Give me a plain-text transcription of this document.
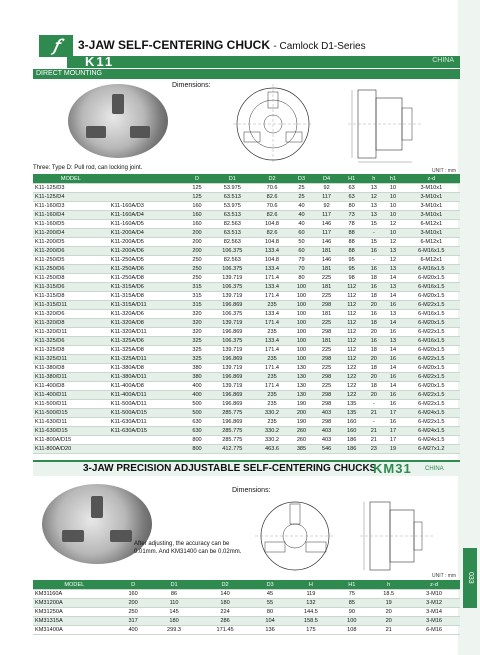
033
𝑓	3-JAW SELF-CENTERING CHUCK - Camlock D1-Series
K11	CHINA
DIRECT MOUNTING
Dimensions:
Three: Type D: Pull rod, can locking joint.	UNIT : mm
MODEL		D	D1	D2	D3	D4	H1	h	h1	z-d
K11-125/D3		125	53.975	70.6	25	92	63	13	10	3-M10x1
K11-125/D4		125	63.513	82.6	25	117	63	12	10	3-M10x1
K11-160/D3	K11-160A/D3	160	53.975	70.6	40	92	80	13	10	3-M10x1
K11-160/D4	K11-160A/D4	160	63.513	82.6	40	117	73	13	10	3-M10x1
K11-160/D5	K11-160A/D5	160	82.563	104.8	40	146	78	15	12	6-M12x1
K11-200/D4	K11-200A/D4	200	63.513	82.6	60	117	88	-	10	3-M10x1
K11-200/D5	K11-200A/D5	200	82.563	104.8	50	146	88	15	12	6-M12x1
K11-200/D6	K11-200A/D6	200	106.375	133.4	60	181	88	16	13	6-M16x1.5
K11-250/D5	K11-250A/D5	250	82.563	104.8	79	146	95	-	12	6-M12x1
K11-250/D6	K11-250A/D6	250	106.375	133.4	70	181	95	16	13	6-M16x1.5
K11-250/D8	K11-250A/D8	250	139.719	171.4	80	225	98	18	14	6-M20x1.5
K11-315/D6	K11-315A/D6	315	106.375	133.4	100	181	112	16	13	6-M16x1.5
K11-315/D8	K11-315A/D8	315	139.719	171.4	100	225	112	18	14	6-M20x1.5
K11-315/D11	K11-315A/D11	315	196.869	235	100	298	112	20	16	6-M22x1.5
K11-320/D6	K11-320A/D6	320	106.375	133.4	100	181	112	16	13	6-M16x1.5
K11-320/D8	K11-320A/D8	320	139.719	171.4	100	225	112	18	14	6-M20x1.5
K11-320/D11	K11-320A/D11	320	196.869	235	100	298	112	20	16	6-M22x1.5
K11-325/D6	K11-325A/D6	325	106.375	133.4	100	181	112	16	13	6-M16x1.5
K11-325/D8	K11-325A/D8	325	139.719	171.4	100	225	112	18	14	6-M20x1.5
K11-325/D11	K11-325A/D11	325	196.869	235	100	298	112	20	16	6-M22x1.5
K11-380/D8	K11-380A/D8	380	139.719	171.4	130	225	122	18	14	6-M20x1.5
K11-380/D11	K11-380A/D11	380	196.869	235	130	298	122	20	16	6-M22x1.5
K11-400/D8	K11-400A/D8	400	139.719	171.4	130	225	122	18	14	6-M20x1.5
K11-400/D11	K11-400A/D11	400	196.869	235	130	298	122	20	16	6-M22x1.5
K11-500/D11	K11-500A/D11	500	196.869	235	190	298	135	-	16	6-M22x1.5
K11-500/D15	K11-500A/D15	500	285.775	330.2	200	403	135	21	17	6-M24x1.5
K11-630/D11	K11-630A/D11	630	196.869	235	190	298	160	-	16	6-M22x1.5
K11-630/D15	K11-630A/D15	630	285.775	330.2	260	403	160	21	17	6-M24x1.5
K11-800A/D15		800	285.775	330.2	260	403	186	21	17	6-M24x1.5
K11-800A/D20		800	412.775	463.6	385	546	186	23	19	6-M27x1.2
3-JAW PRECISION ADJUSTABLE SELF-CENTERING CHUCKS
KM31 CHINA
Dimensions:
After adjusting, the accuracy can be 0.01mm. And KM31400 can be 0.02mm.
UNIT : mm
MODEL	D	D1	D2	D3	H	H1	h	z-d
KM31160A	160	86	140	45	119	75	18.5	3-M10
KM31200A	200	110	180	55	132	85	19	3-M12
KM31250A	250	145	224	80	144.5	90	20	3-M14
KM31315A	317	180	286	104	158.5	100	20	3-M16
KM31400A	400	299.3	171.45	136	175	108	21	6-M16
